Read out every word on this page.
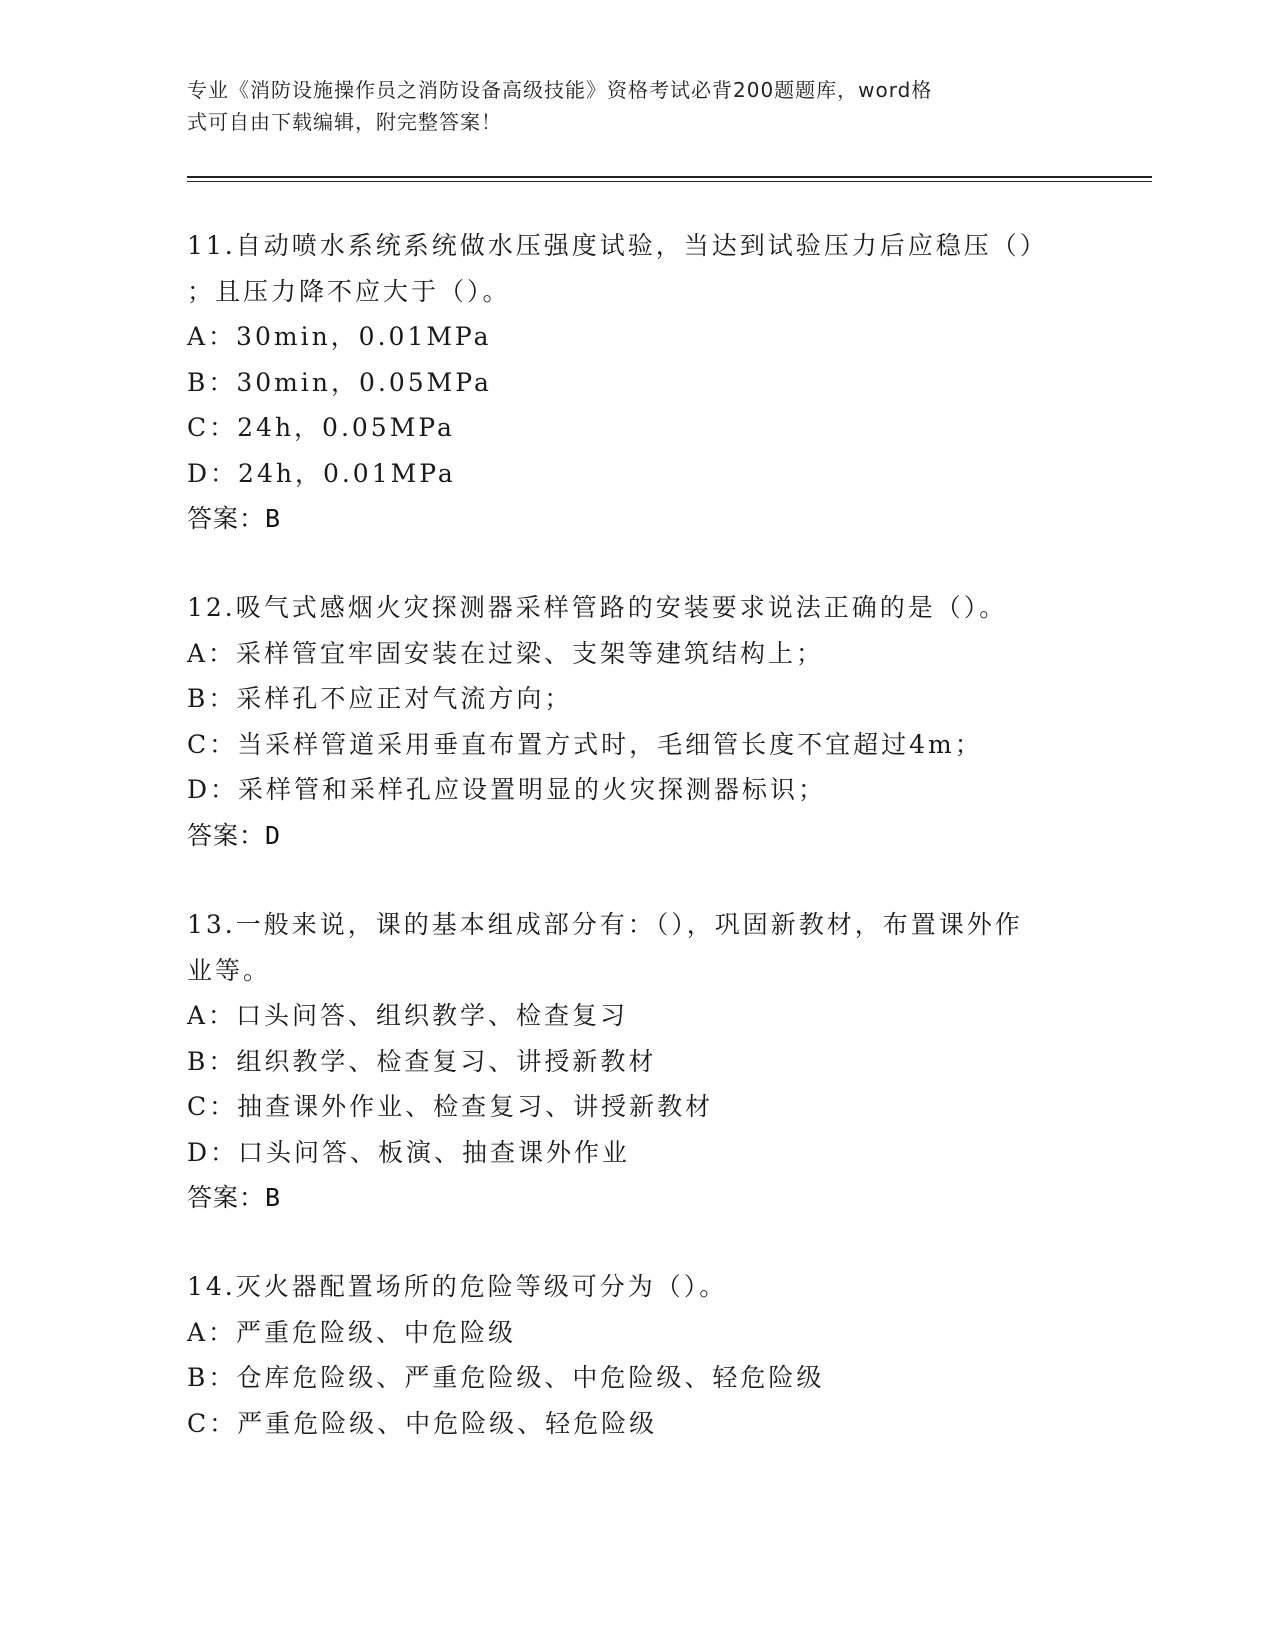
专业《消防设施操作员之消防设备高级技能》资格考试必背200题题库，word格
式可自由下载编辑，附完整答案！
11.自动喷水系统系统做水压强度试验，当达到试验压力后应稳压（）
；且压力降不应大于（）。
A：30min，0.01MPa
B：30min，0.05MPa
C：24h，0.05MPa
D：24h，0.01MPa
答案：B
12.吸气式感烟火灾探测器采样管路的安装要求说法正确的是（）。
A：采样管宜牢固安装在过梁、支架等建筑结构上；
B：采样孔不应正对气流方向；
C：当采样管道采用垂直布置方式时，毛细管长度不宜超过4m；
D：采样管和采样孔应设置明显的火灾探测器标识；
答案：D
13.一般来说，课的基本组成部分有：（），巩固新教材，布置课外作
业等。
A：口头问答、组织教学、检查复习
B：组织教学、检查复习、讲授新教材
C：抽查课外作业、检查复习、讲授新教材
D：口头问答、板演、抽查课外作业
答案：B
14.灭火器配置场所的危险等级可分为（）。
A：严重危险级、中危险级
B：仓库危险级、严重危险级、中危险级、轻危险级
C：严重危险级、中危险级、轻危险级
